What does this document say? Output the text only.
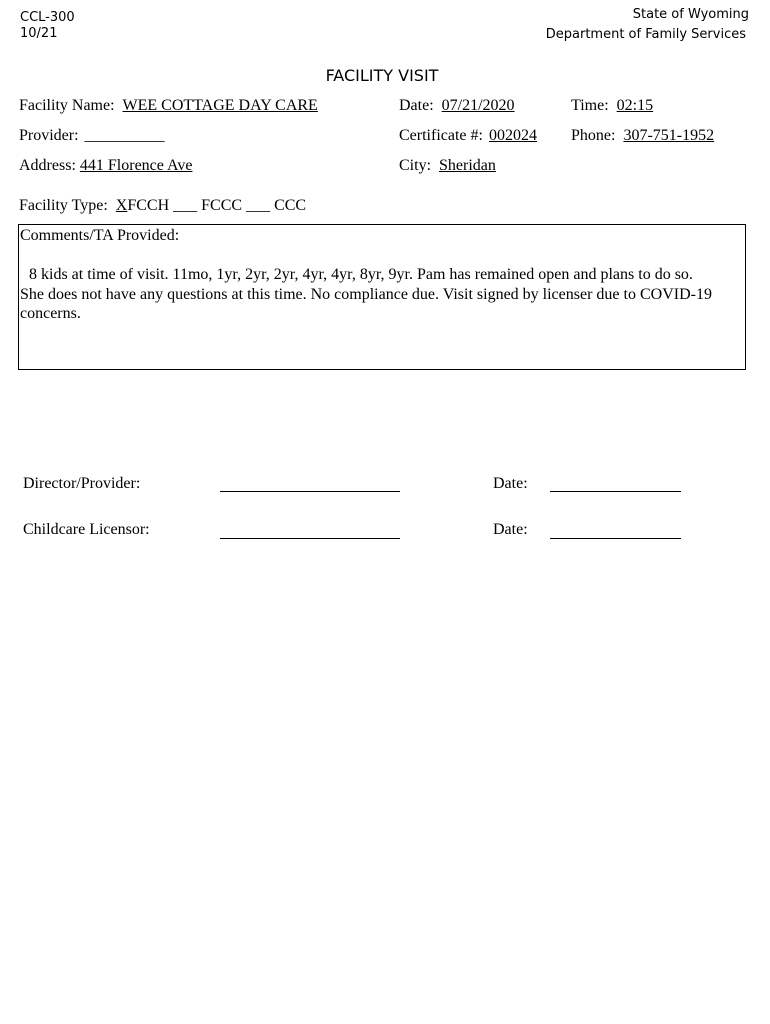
CCL-300
10/21
State of Wyoming
Department of Family Services
FACILITY VISIT
Facility Name: WEE COTTAGE DAY CARE	Date: 07/21/2020	Time: 02:15
Provider: __________	Certificate #: 002024 Phone: 307-751-1952
Address: 441 Florence Ave	City: Sheridan
Facility Type: XFCCH ___ FCCC ___ CCC
Comments/TA Provided:
8 kids at time of visit. 11mo, 1yr, 2yr, 2yr, 4yr, 4yr, 8yr, 9yr. Pam has remained open and plans to do so.
She does not have any questions at this time. No compliance due. Visit signed by licenser due to COVID-19
concerns.
Director/Provider:	Date:
Childcare Licensor:	Date:
